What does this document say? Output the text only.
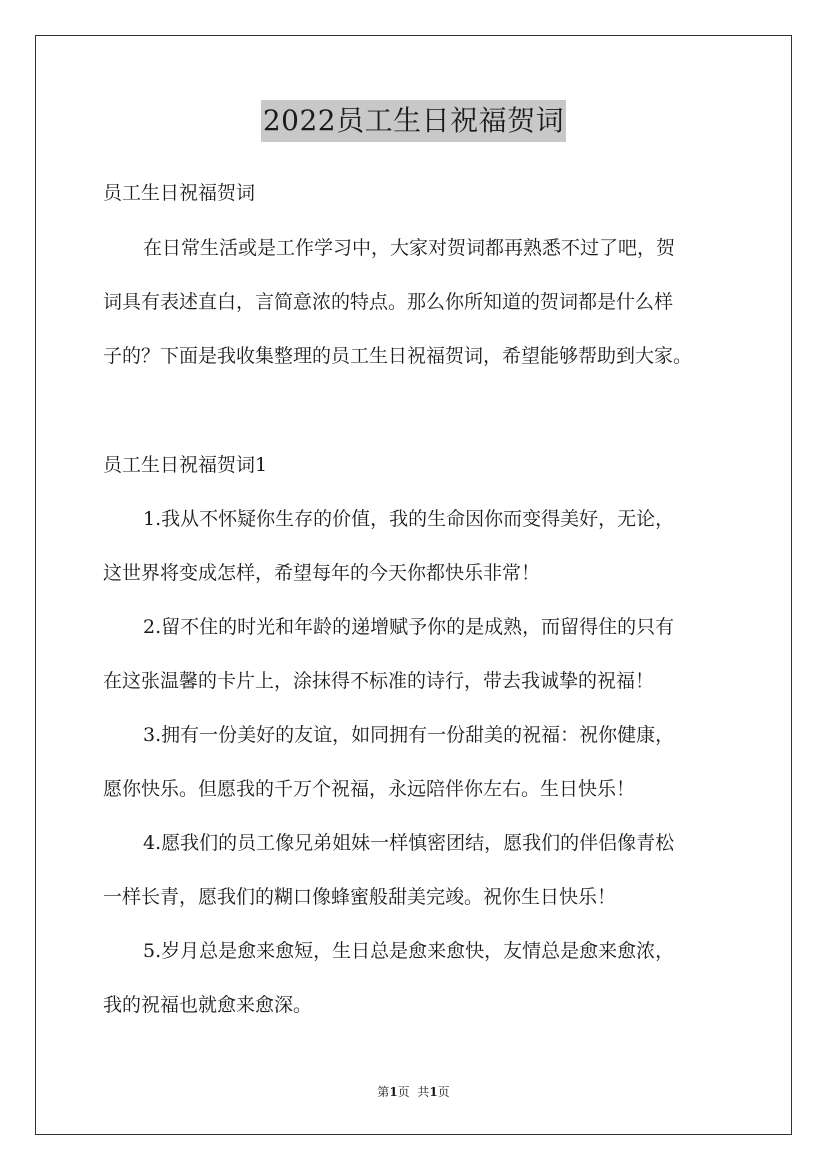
2022员工生日祝福贺词
员工生日祝福贺词
在日常生活或是工作学习中，大家对贺词都再熟悉不过了吧，贺
词具有表述直白，言简意浓的特点。那么你所知道的贺词都是什么样
子的？下面是我收集整理的员工生日祝福贺词，希望能够帮助到大家。
员工生日祝福贺词1
1.我从不怀疑你生存的价值，我的生命因你而变得美好，无论，
这世界将变成怎样，希望每年的今天你都快乐非常！
2.留不住的时光和年龄的递增赋予你的是成熟，而留得住的只有
在这张温馨的卡片上，涂抹得不标准的诗行，带去我诚挚的祝福！
3.拥有一份美好的友谊，如同拥有一份甜美的祝福：祝你健康，
愿你快乐。但愿我的千万个祝福，永远陪伴你左右。生日快乐！
4.愿我们的员工像兄弟姐妹一样慎密团结，愿我们的伴侣像青松
一样长青，愿我们的糊口像蜂蜜般甜美完竣。祝你生日快乐！
5.岁月总是愈来愈短，生日总是愈来愈快，友情总是愈来愈浓，
我的祝福也就愈来愈深。
第1页  共1页
